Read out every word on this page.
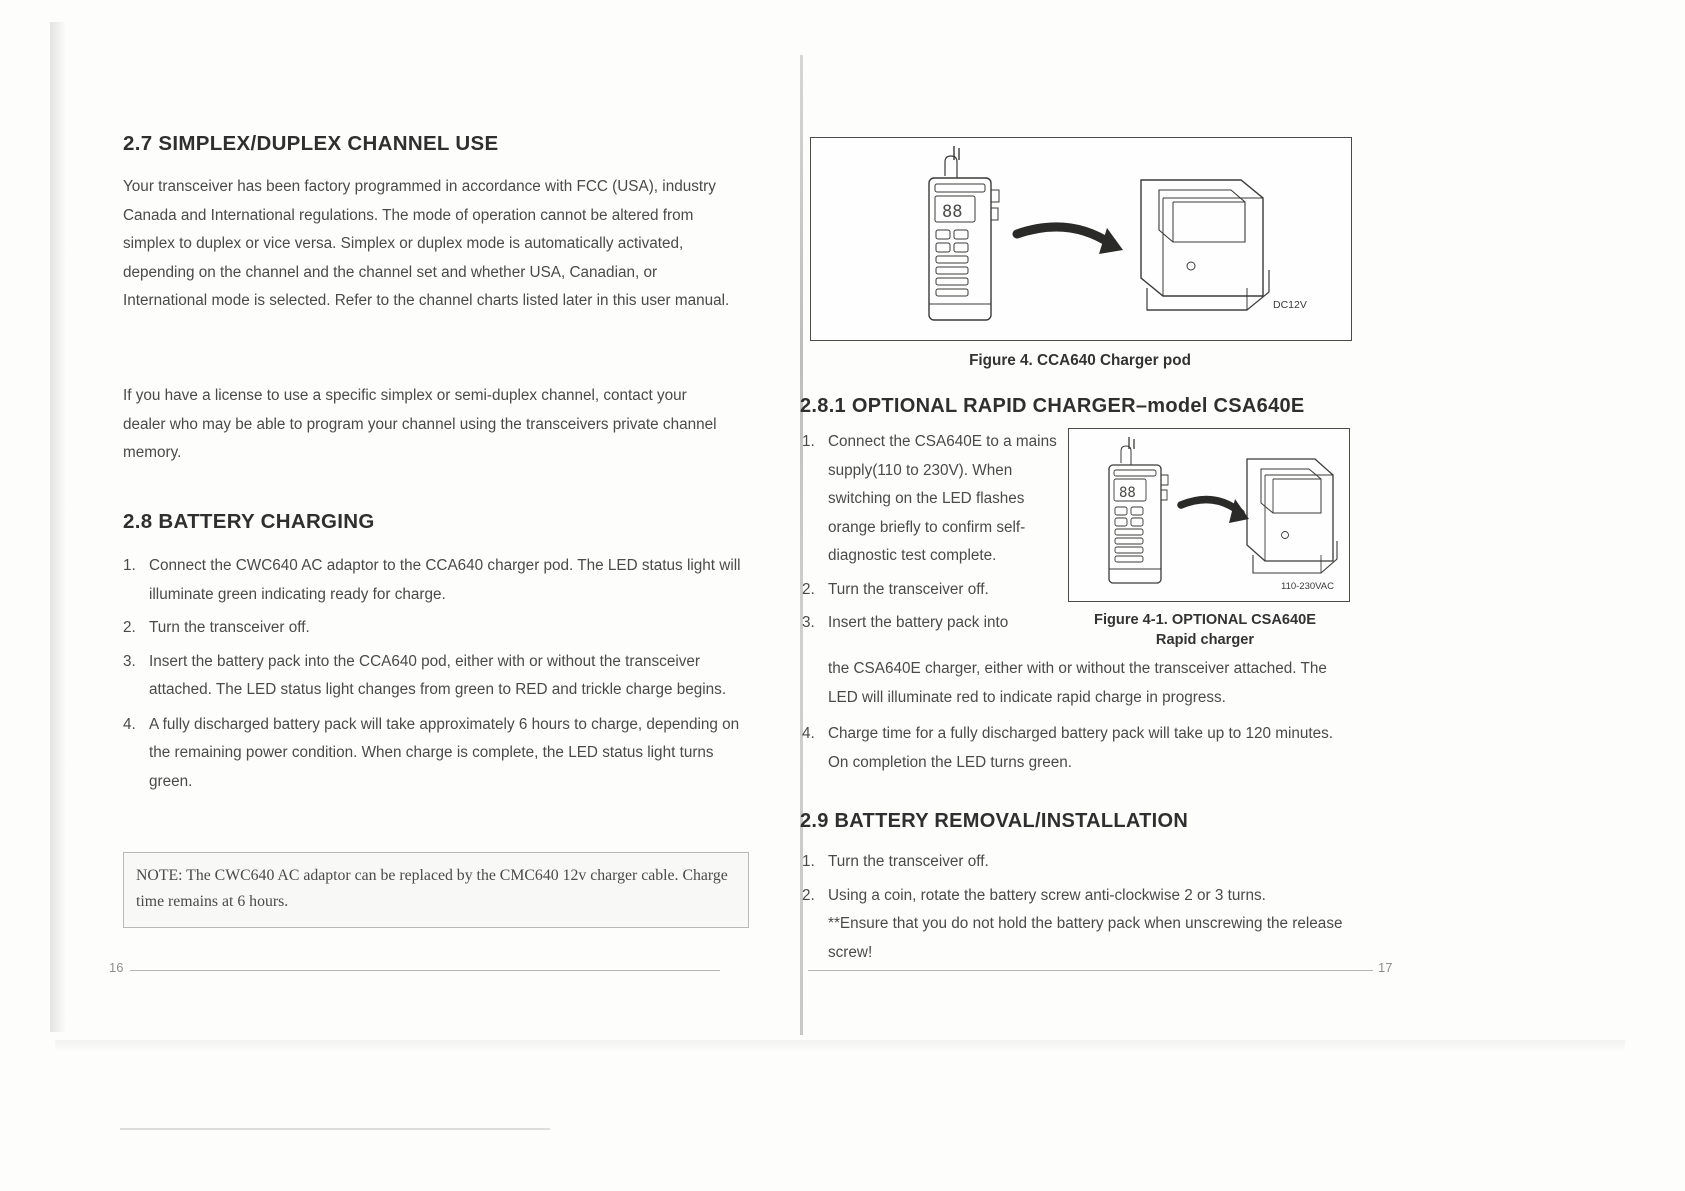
2.7 SIMPLEX/DUPLEX CHANNEL USE

Your transceiver has been factory programmed in accordance with FCC (USA), industry Canada and International regulations. The mode of operation cannot be altered from simplex to duplex or vice versa. Simplex or duplex mode is automatically activated, depending on the channel and the channel set and whether USA, Canadian, or International mode is selected. Refer to the channel charts listed later in this user manual.

If you have a license to use a specific simplex or semi-duplex channel, contact your dealer who may be able to program your channel using the transceivers private channel memory.

2.8 BATTERY CHARGING
1. Connect the CWC640 AC adaptor to the CCA640 charger pod. The LED status light will illuminate green indicating ready for charge.
2. Turn the transceiver off.
3. Insert the battery pack into the CCA640 pod, either with or without the transceiver attached. The LED status light changes from green to RED and trickle charge begins.
4. A fully discharged battery pack will take approximately 6 hours to charge, depending on the remaining power condition. When charge is complete, the LED status light turns green.

NOTE: The CWC640 AC adaptor can be replaced by the CMC640 12v charger cable. Charge time remains at 6 hours.

16
88
DC12V
Figure 4. CCA640 Charger pod
2.8.1 OPTIONAL RAPID CHARGER–model CSA640E
1. Connect the CSA640E to a mains supply(110 to 230V). When switching on the LED flashes orange briefly to confirm self-diagnostic test complete.
2. Turn the transceiver off.
3. Insert the battery pack into
88
110-230VAC
Figure 4-1. OPTIONAL CSA640E
Rapid charger

the CSA640E charger, either with or without the transceiver attached. The LED will illuminate red to indicate rapid charge in progress.

4. Charge time for a fully discharged battery pack will take up to 120 minutes. On completion the LED turns green.
2.9 BATTERY REMOVAL/INSTALLATION
1. Turn the transceiver off.
2. Using a coin, rotate the battery screw anti-clockwise 2 or 3 turns.
**Ensure that you do not hold the battery pack when unscrewing the release screw!
17
